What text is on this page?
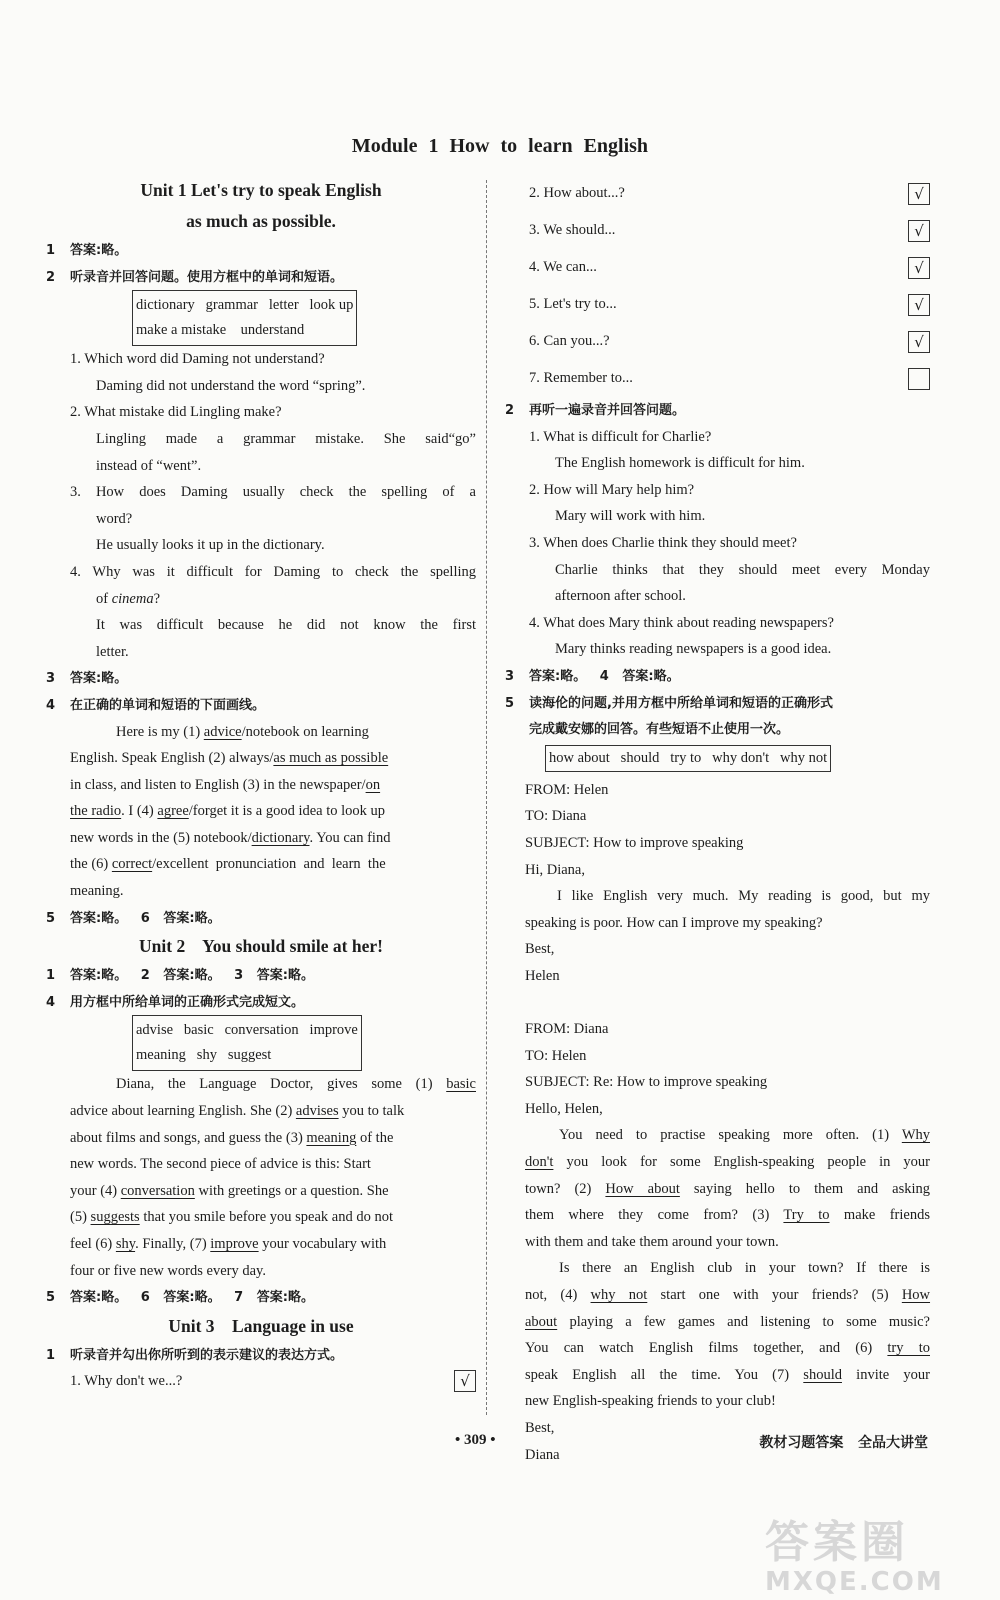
Module 1 How to learn English
Unit 1 Let's try to speak English
as much as possible.
1 答案:略。
2 听录音并回答问题。使用方框中的单词和短语。
dictionary   grammar   letter   look up
make a mistake    understand
1. Which word did Daming not understand?
Daming did not understand the word “spring”.
2. What mistake did Lingling make?
Lingling made a grammar mistake. She said“go”
instead of “went”.
3. How does Daming usually check the spelling of a
word?
He usually looks it up in the dictionary.
4. Why was it difficult for Daming to check the spelling
of cinema?
It was difficult because he did not know the first
letter.
3 答案:略。
4 在正确的单词和短语的下面画线。
Here is my (1) advice/notebook on learning
English. Speak English (2) always/as much as possible
in class, and listen to English (3) in the newspaper/on
the radio. I (4) agree/forget it is a good idea to look up
new words in the (5) notebook/dictionary. You can find
the (6) correct/excellent  pronunciation  and  learn  the
meaning.
5 答案:略。   6   答案:略。
Unit 2    You should smile at her!
1 答案:略。   2   答案:略。   3   答案:略。
4 用方框中所给单词的正确形式完成短文。
advise   basic   conversation   improve
meaning   shy   suggest
Diana, the Language Doctor, gives some (1) basic
advice about learning English. She (2) advises you to talk
about films and songs, and guess the (3) meaning of the
new words. The second piece of advice is this: Start
your (4) conversation with greetings or a question. She
(5) suggests that you smile before you speak and do not
feel (6) shy. Finally, (7) improve your vocabulary with
four or five new words every day.
5 答案:略。   6   答案:略。   7   答案:略。
Unit 3    Language in use
1 听录音并勾出你所听到的表示建议的表达方式。
1. Why don't we...?	√
2. How about...?	√
3. We should...	√
4. We can...	√
5. Let's try to...	√
6. Can you...?	√
7. Remember to...
2 再听一遍录音并回答问题。
1. What is difficult for Charlie?
The English homework is difficult for him.
2. How will Mary help him?
Mary will work with him.
3. When does Charlie think they should meet?
Charlie thinks that they should meet every Monday
afternoon after school.
4. What does Mary think about reading newspapers?
Mary thinks reading newspapers is a good idea.
3 答案:略。   4   答案:略。
5 读海伦的问题,并用方框中所给单词和短语的正确形式
完成戴安娜的回答。有些短语不止使用一次。
how about   should   try to   why don't   why not
FROM: Helen
TO: Diana
SUBJECT: How to improve speaking
Hi, Diana,
I like English very much. My reading is good, but my
speaking is poor. How can I improve my speaking?
Best,
Helen
FROM: Diana
TO: Helen
SUBJECT: Re: How to improve speaking
Hello, Helen,
You need to practise speaking more often. (1) Why
don't you look for some English-speaking people in your
town? (2) How about saying hello to them and asking
them where they come from? (3) Try to make friends
with them and take them around your town.
Is there an English club in your town? If there is
not, (4) why not start one with your friends? (5) How
about playing a few games and listening to some music?
You can watch English films together, and (6) try to
speak English all the time. You (7) should invite your
new English-speaking friends to your club!
Best,
Diana
• 309 •	教材习题答案   全品大讲堂
答案圈
MXQE.COM
